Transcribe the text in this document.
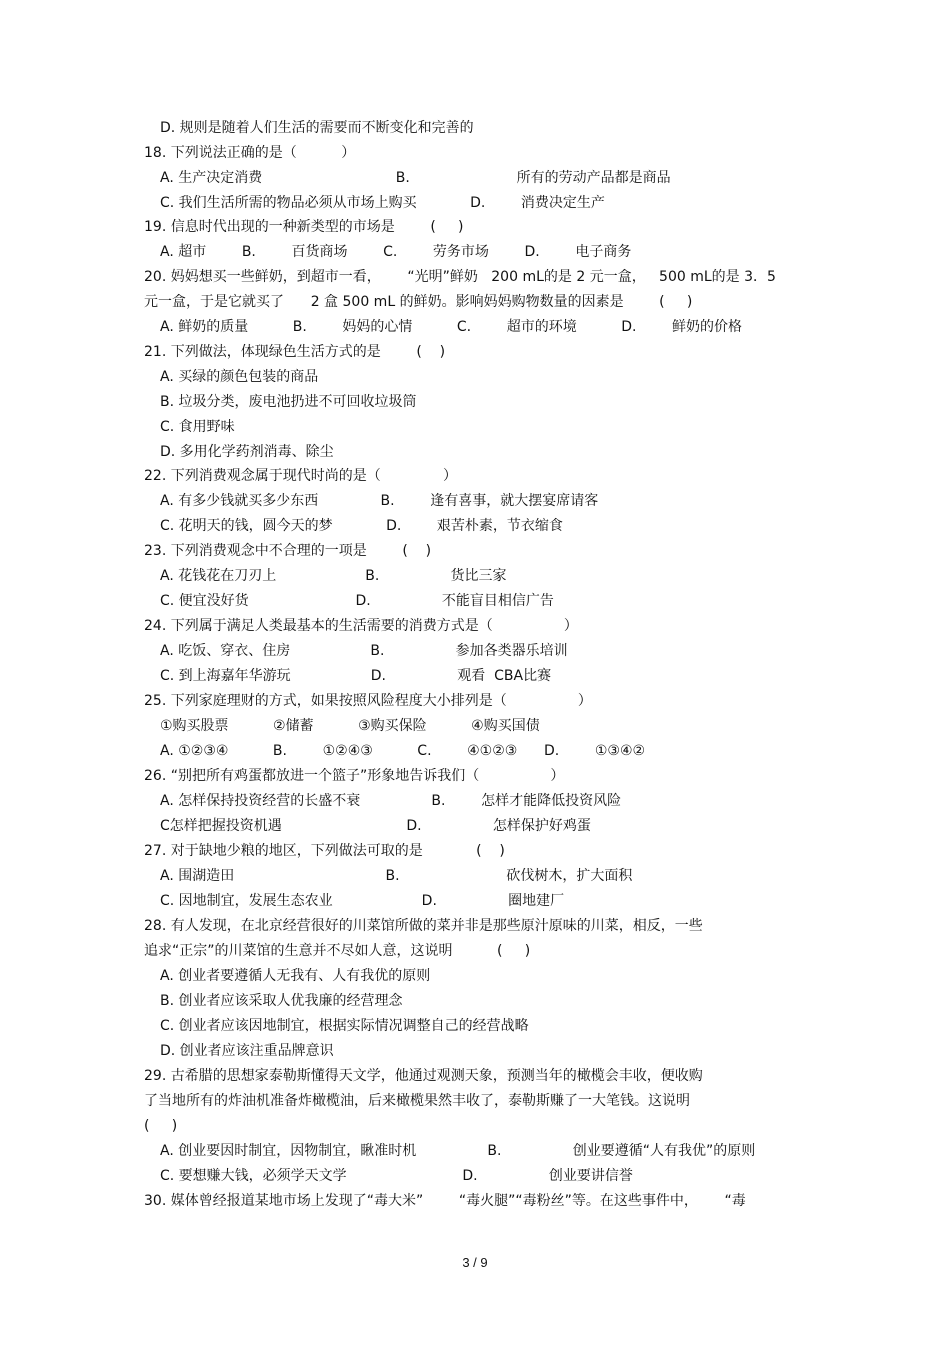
D. 规则是随着人们生活的需要而不断变化和完善的
18. 下列说法正确的是（          ）
A. 生产决定消费                              B.                        所有的劳动产品都是商品
C. 我们生活所需的物品必须从市场上购买            D.        消费决定生产
19. 信息时代出现的一种新类型的市场是        (     )
A. 超市        B.        百货商场        C.        劳务市场        D.        电子商务
20. 妈妈想买一些鲜奶，到超市一看，      “光明”鲜奶   200 mL的是 2 元一盒，   500 mL的是 3．5
元一盒，于是它就买了      2 盒 500 mL 的鲜奶。影响妈妈购物数量的因素是        (     )
A. 鲜奶的质量          B.        妈妈的心情          C.        超市的环境          D.        鲜奶的价格
21. 下列做法，体现绿色生活方式的是        (    )
A. 买绿的颜色包装的商品
B. 垃圾分类，废电池扔进不可回收垃圾筒
C. 食用野味
D. 多用化学药剂消毒、除尘
22. 下列消费观念属于现代时尚的是（              ）
A. 有多少钱就买多少东西              B.        逢有喜事，就大摆宴席请客
C. 花明天的钱，圆今天的梦            D.        艰苦朴素，节衣缩食
23. 下列消费观念中不合理的一项是        (    )
A. 花钱花在刀刃上                    B.                货比三家
C. 便宜没好货                        D.                不能盲目相信广告
24. 下列属于满足人类最基本的生活需要的消费方式是（                ）
A. 吃饭、穿衣、住房                  B.                参加各类器乐培训
C. 到上海嘉年华游玩                  D.                观看  CBA比赛
25. 下列家庭理财的方式，如果按照风险程度大小排列是（                ）
①购买股票          ②储蓄          ③购买保险          ④购买国债
A. ①②③④          B.        ①②④③          C.        ④①②③      D.        ①③④②
26. “别把所有鸡蛋都放进一个篮子”形象地告诉我们（                ）
A. 怎样保持投资经营的长盛不衰                B.        怎样才能降低投资风险
C怎样把握投资机遇                            D.                怎样保护好鸡蛋
27. 对于缺地少粮的地区，下列做法可取的是            (    )
A. 围湖造田                                  B.                        砍伐树木，扩大面积
C. 因地制宜，发展生态农业                    D.                圈地建厂
28. 有人发现，在北京经营很好的川菜馆所做的菜并非是那些原汁原味的川菜，相反，一些
追求“正宗”的川菜馆的生意并不尽如人意，这说明          (     )
A. 创业者要遵循人无我有、人有我优的原则
B. 创业者应该采取人优我廉的经营理念
C. 创业者应该因地制宜，根据实际情况调整自己的经营战略
D. 创业者应该注重品牌意识
29. 古希腊的思想家泰勒斯懂得天文学，他通过观测天象，预测当年的橄榄会丰收，便收购
了当地所有的炸油机准备炸橄榄油，后来橄榄果然丰收了，泰勒斯赚了一大笔钱。这说明
(     )
A. 创业要因时制宜，因物制宜，瞅准时机                B.                创业要遵循“人有我优”的原则
C. 要想赚大钱，必须学天文学                          D.                创业要讲信誉
30. 媒体曾经报道某地市场上发现了“毒大米”        “毒火腿”“毒粉丝”等。在这些事件中，      “毒
3 / 9
